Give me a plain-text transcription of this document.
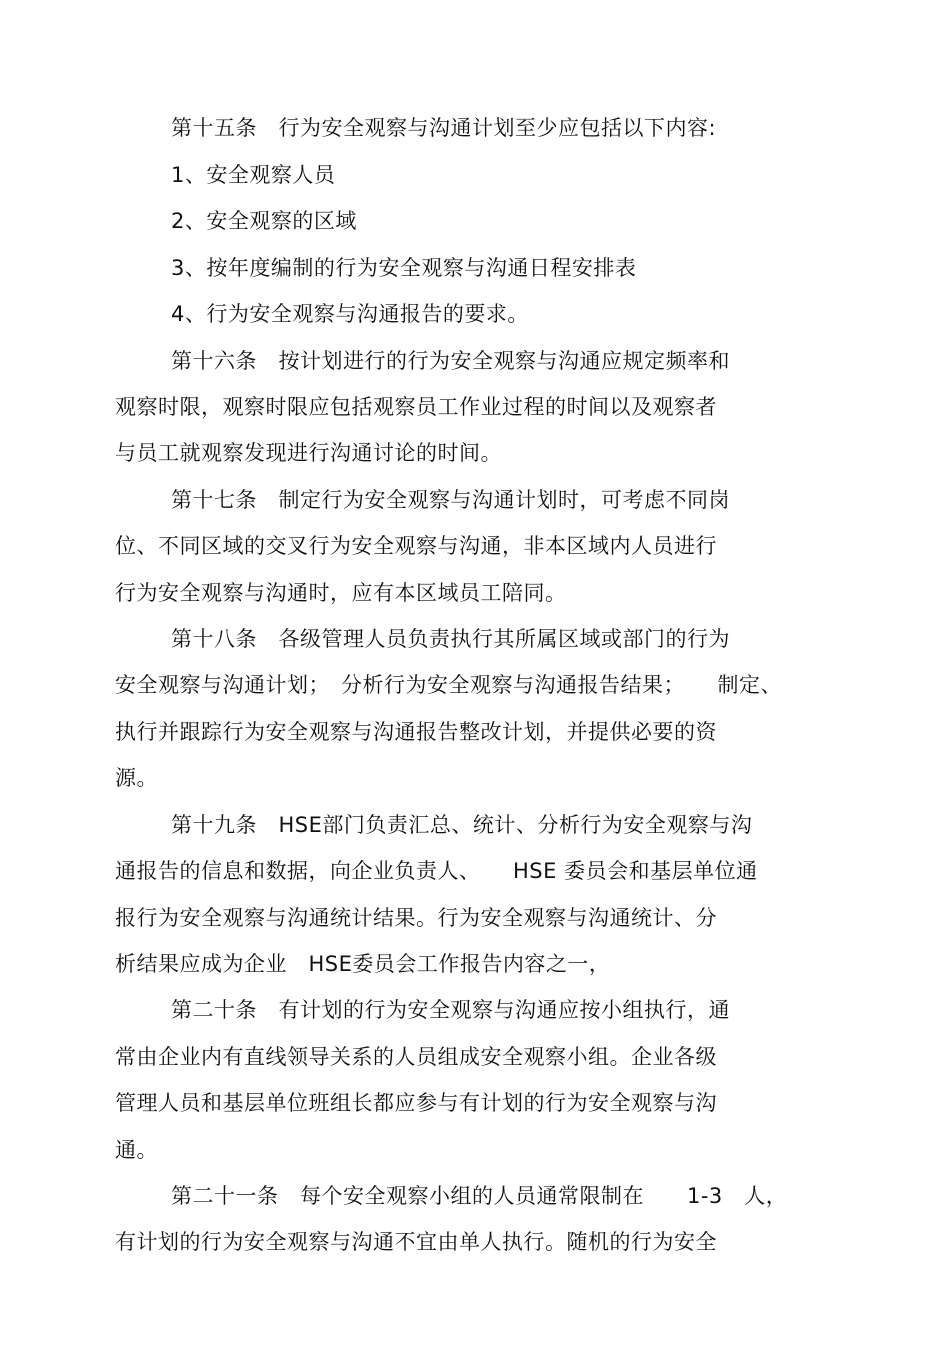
第十五条　行为安全观察与沟通计划至少应包括以下内容:
1、安全观察人员
2、安全观察的区域
3、按年度编制的行为安全观察与沟通日程安排表
4、行为安全观察与沟通报告的要求。
第十六条　按计划进行的行为安全观察与沟通应规定频率和
观察时限，观察时限应包括观察员工作业过程的时间以及观察者
与员工就观察发现进行沟通讨论的时间。
第十七条　制定行为安全观察与沟通计划时，可考虑不同岗
位、不同区域的交叉行为安全观察与沟通，非本区域内人员进行
行为安全观察与沟通时，应有本区域员工陪同。
第十八条　各级管理人员负责执行其所属区域或部门的行为
安全观察与沟通计划；　分析行为安全观察与沟通报告结果；　　制定、
执行并跟踪行为安全观察与沟通报告整改计划，并提供必要的资
源。
第十九条　HSE部门负责汇总、统计、分析行为安全观察与沟
通报告的信息和数据，向企业负责人、　　HSE 委员会和基层单位通
报行为安全观察与沟通统计结果。行为安全观察与沟通统计、分
析结果应成为企业　HSE委员会工作报告内容之一，
第二十条　有计划的行为安全观察与沟通应按小组执行，通
常由企业内有直线领导关系的人员组成安全观察小组。企业各级
管理人员和基层单位班组长都应参与有计划的行为安全观察与沟
通。
第二十一条　每个安全观察小组的人员通常限制在　　1-3　人，
有计划的行为安全观察与沟通不宜由单人执行。随机的行为安全
